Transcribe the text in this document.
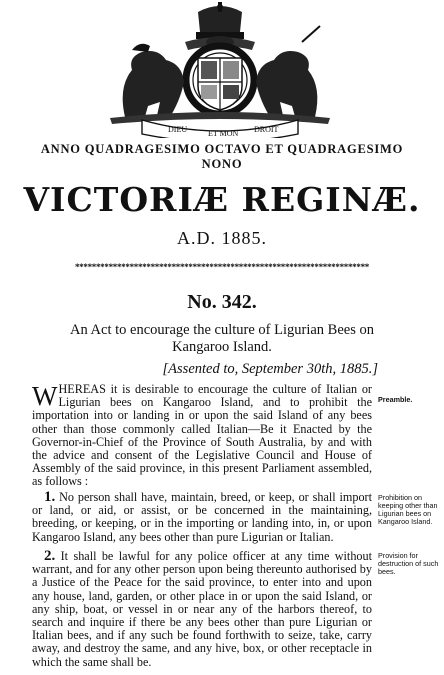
DIEU	ET MON DROIT
ANNO QUADRAGESIMO OCTAVO ET QUADRAGESIMO
NONO
VICTORIÆ REGINÆ.
A.D. 1885.
**********************************************************************
No. 342.
An Act to encourage the culture of Ligurian Bees on Kangaroo Island.
[Assented to, September 30th, 1885.]
WHEREAS it is desirable to encourage the culture of Italian or Ligurian bees on Kangaroo Island, and to prohibit the importation into or landing in or upon the said Island of any bees other than those commonly called Italian—Be it Enacted by the Governor-in-Chief of the Province of South Australia, by and with the advice and consent of the Legislative Council and House of Assembly of the said province, in this present Parliament assembled, as follows :
Preamble.
1. No person shall have, maintain, breed, or keep, or shall import or land, or aid, or assist, or be concerned in the maintaining, breeding, or keeping, or in the importing or landing into, in, or upon Kangaroo Island, any bees other than pure Ligurian or Italian.
Prohibition on keeping other than Ligurian bees on Kangaroo Island.
2. It shall be lawful for any police officer at any time without warrant, and for any other person upon being thereunto authorised by a Justice of the Peace for the said province, to enter into and upon any house, land, garden, or other place in or upon the said Island, or any ship, boat, or vessel in or near any of the harbors thereof, to search and inquire if there be any bees other than pure Ligurian or Italian bees, and if any such be found forthwith to seize, take, carry away, and destroy the same, and any hive, box, or other receptacle in which the same shall be.
Provision for destruction of such bees.
